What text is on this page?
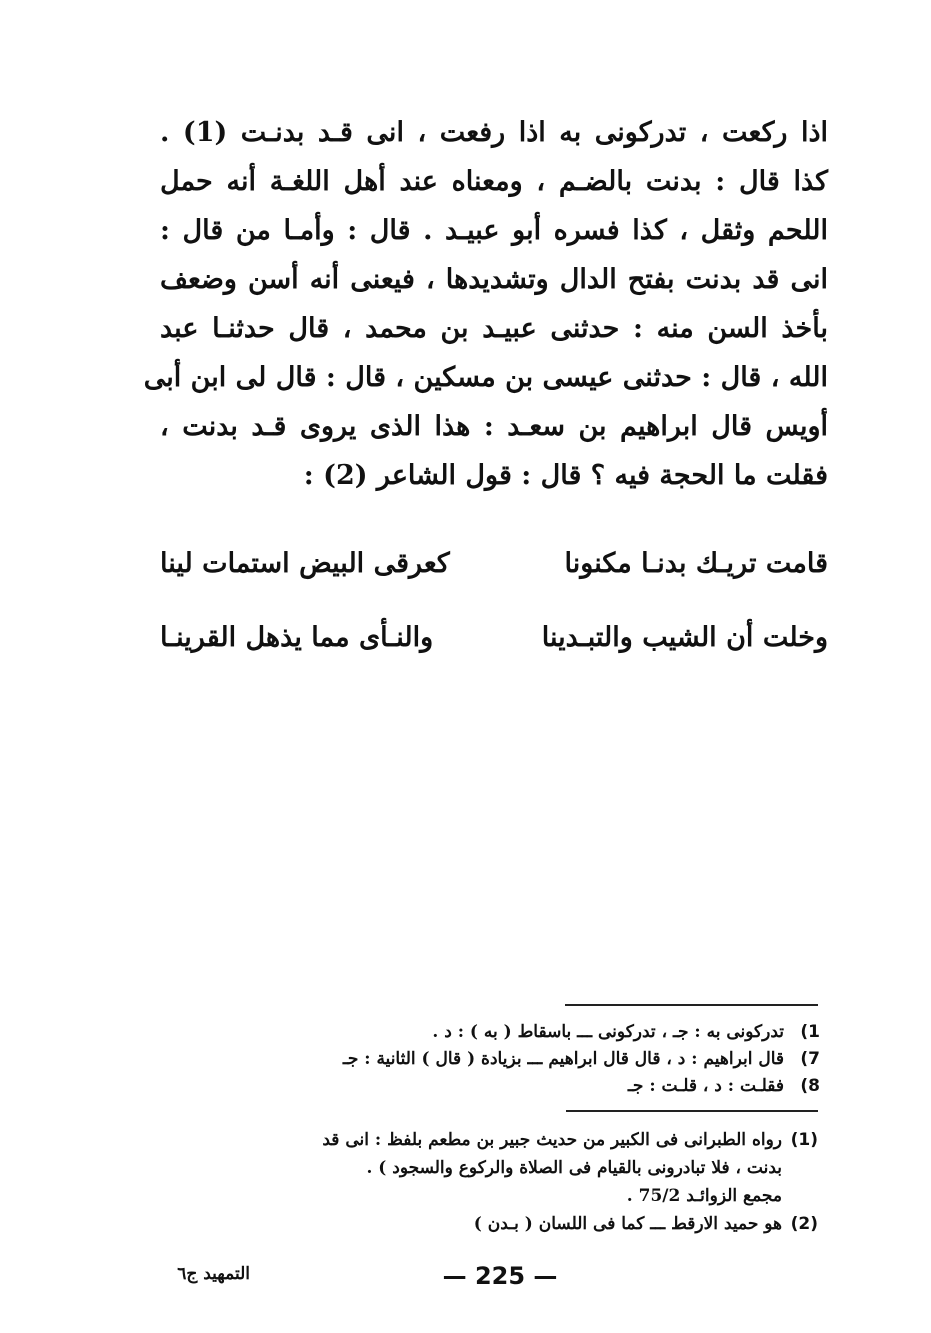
اذا ركعت ، تدركونى به اذا رفعت ، انى قـد بدنـت (1) .
كذا قال : بدنت بالضـم ، ومعناه عند أهل اللغـة أنه حمل
اللحم وثقل ، كذا فسره أبو عبيـد . قال : وأمـا من قال :
انى قد بدنت بفتح الدال وتشديدها ، فيعنى أنه أسن وضعف
بأخذ السن منه : حدثنى عبيـد بن محمد ، قال حدثنـا عبد
الله ، قال : حدثنى عيسى بن مسكين ، قال : قال لى ابن أبى
أويس قال ابراهيم بن سعـد : هذا الذى يروى قـد بدنت ،
فقلت ما الحجة فيه ؟ قال : قول الشاعر (2) :
قامت تريـك بدنـا مكنونا
كعرقى البيض استمات لينا
وخلت أن الشيب والتبـدينا
والنـأى مما يذهل القرينـا
1)
تدركونى به : جـ ، تدركونى ـــ باسقاط ( به ) : د .
7)
قال ابراهيم : د ، قال قال ابراهيم ـــ بزيادة ( قال ) الثانية : جـ
8)
فقلـت : د ، قلـت : جـ
(1)
رواه الطبرانى فى الكبير من حديث جبير بن مطعم بلفظ : انى قد
بدنت ، فلا تبادرونى بالقيام فى الصلاة والركوع والسجود ) .
مجمع الزوائـد 75/2 .
(2)
هو حميد الارقط ـــ كما فى اللسان ( بـدن )
— 225 —
التمهيد ج٦
